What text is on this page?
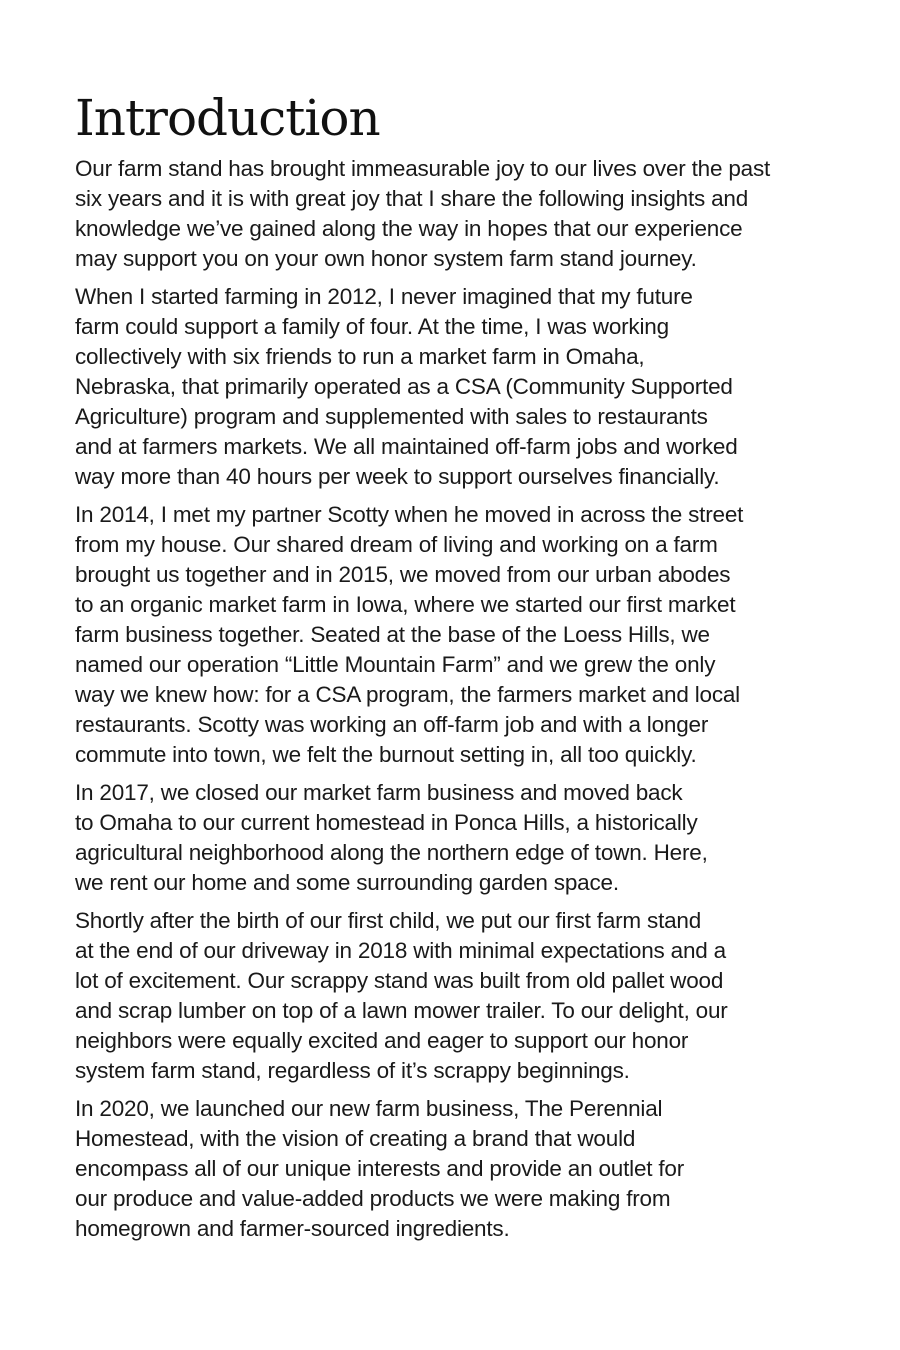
Introduction

Our farm stand has brought immeasurable joy to our lives over the past
six years and it is with great joy that I share the following insights and
knowledge we’ve gained along the way in hopes that our experience
may support you on your own honor system farm stand journey.

When I started farming in 2012, I never imagined that my future
farm could support a family of four. At the time, I was working
collectively with six friends to run a market farm in Omaha,
Nebraska, that primarily operated as a CSA (Community Supported
Agriculture) program and supplemented with sales to restaurants
and at farmers markets. We all maintained off-farm jobs and worked
way more than 40 hours per week to support ourselves financially.

In 2014, I met my partner Scotty when he moved in across the street
from my house. Our shared dream of living and working on a farm
brought us together and in 2015, we moved from our urban abodes
to an organic market farm in Iowa, where we started our first market
farm business together. Seated at the base of the Loess Hills, we
named our operation “Little Mountain Farm” and we grew the only
way we knew how: for a CSA program, the farmers market and local
restaurants. Scotty was working an off-farm job and with a longer
commute into town, we felt the burnout setting in, all too quickly.

In 2017, we closed our market farm business and moved back
to Omaha to our current homestead in Ponca Hills, a historically
agricultural neighborhood along the northern edge of town. Here,
we rent our home and some surrounding garden space.

Shortly after the birth of our first child, we put our first farm stand
at the end of our driveway in 2018 with minimal expectations and a
lot of excitement. Our scrappy stand was built from old pallet wood
and scrap lumber on top of a lawn mower trailer. To our delight, our
neighbors were equally excited and eager to support our honor
system farm stand, regardless of it’s scrappy beginnings.

In 2020, we launched our new farm business, The Perennial
Homestead, with the vision of creating a brand that would
encompass all of our unique interests and provide an outlet for
our produce and value-added products we were making from
homegrown and farmer-sourced ingredients.
